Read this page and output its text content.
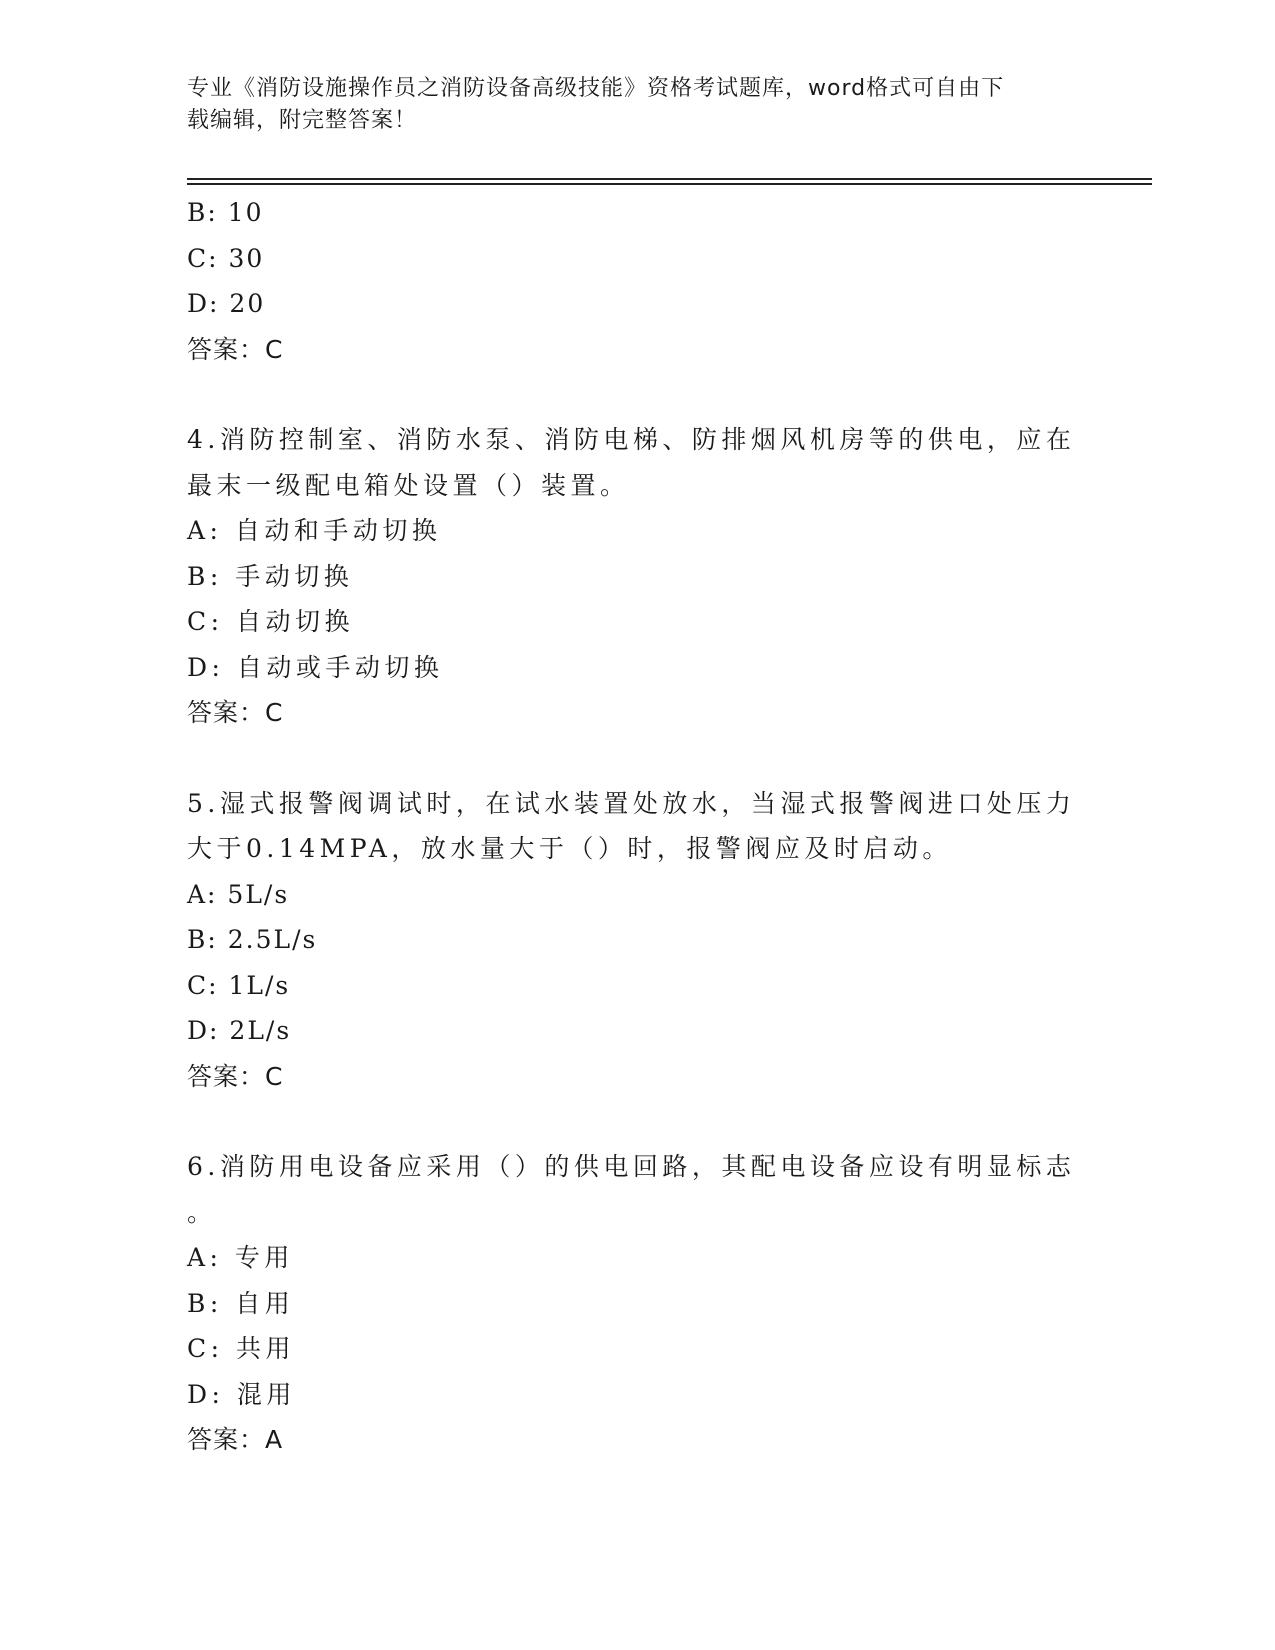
专业《消防设施操作员之消防设备高级技能》资格考试题库，word格式可自由下
载编辑，附完整答案！
B: 10
C: 30
D: 20
答案：C
4.消防控制室、消防水泵、消防电梯、防排烟风机房等的供电，应在
最末一级配电箱处设置（）装置。
A: 自动和手动切换
B: 手动切换
C: 自动切换
D: 自动或手动切换
答案：C
5.湿式报警阀调试时，在试水装置处放水，当湿式报警阀进口处压力
大于0.14MPA，放水量大于（）时，报警阀应及时启动。
A: 5L/s
B: 2.5L/s
C: 1L/s
D: 2L/s
答案：C
6.消防用电设备应采用（）的供电回路，其配电设备应设有明显标志
。
A: 专用
B: 自用
C: 共用
D: 混用
答案：A
